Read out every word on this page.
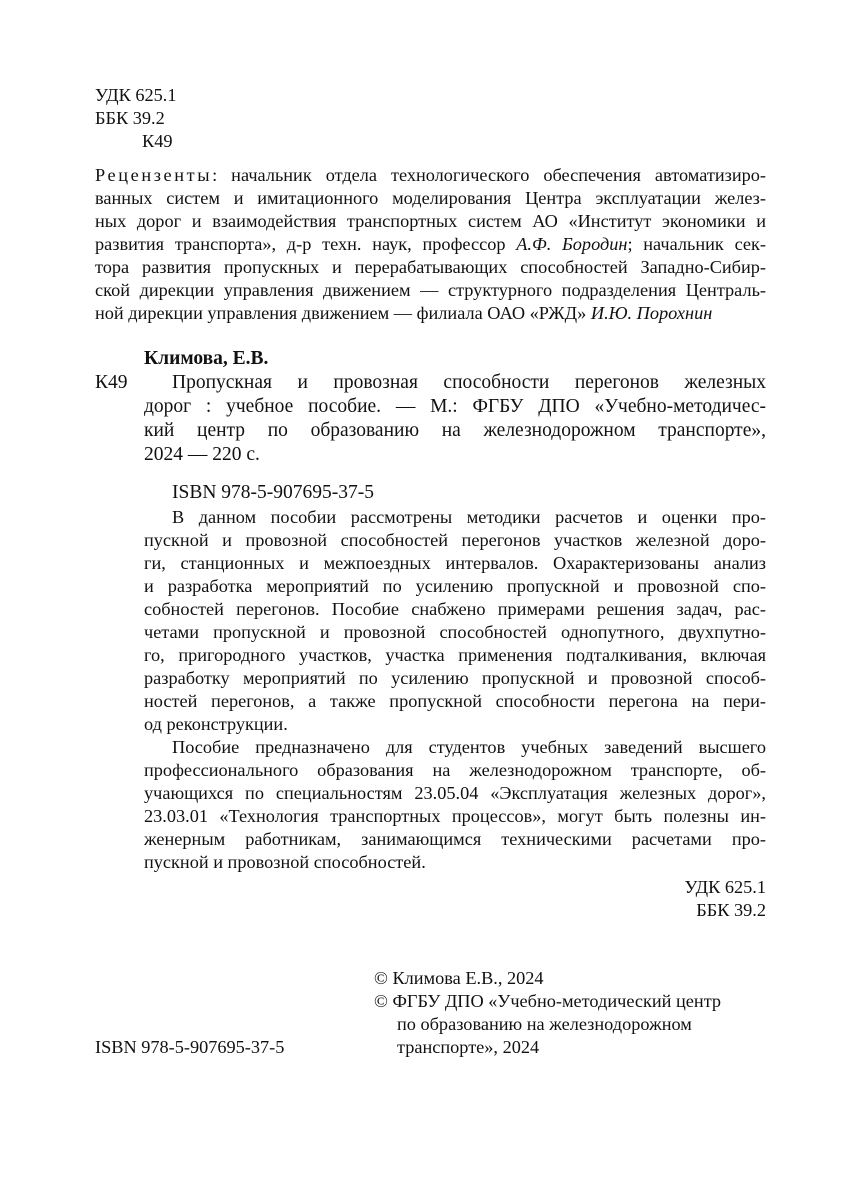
УДК 625.1
ББК 39.2
К49
Рецензенты: начальник отдела технологического обеспечения автоматизиро-
ванных систем и имитационного моделирования Центра эксплуатации желез-
ных дорог и взаимодействия транспортных систем АО «Институт экономики и
развития транспорта», д-р техн. наук, профессор А.Ф. Бородин; начальник сек-
тора развития пропускных и перерабатывающих способностей Западно-Сибир-
ской дирекции управления движением — структурного подразделения Централь-
ной дирекции управления движением — филиала ОАО «РЖД» И.Ю. Порохнин
Климова, Е.В.
К49 Пропускная и провозная способности перегонов железных
дорог : учебное пособие. — М.: ФГБУ ДПО «Учебно-методичес-
кий центр по образованию на железнодорожном транспорте»,
2024 — 220 с.
ISBN 978-5-907695-37-5
В данном пособии рассмотрены методики расчетов и оценки про-
пускной и провозной способностей перегонов участков железной доро-
ги, станционных и межпоездных интервалов. Охарактеризованы анализ
и разработка мероприятий по усилению пропускной и провозной спо-
собностей перегонов. Пособие снабжено примерами решения задач, рас-
четами пропускной и провозной способностей однопутного, двухпутно-
го, пригородного участков, участка применения подталкивания, включая
разработку мероприятий по усилению пропускной и провозной способ-
ностей перегонов, а также пропускной способности перегона на пери-
од реконструкции.
Пособие предназначено для студентов учебных заведений высшего
профессионального образования на железнодорожном транспорте, об-
учающихся по специальностям 23.05.04 «Эксплуатация железных дорог»,
23.03.01 «Технология транспортных процессов», могут быть полезны ин-
женерным работникам, занимающимся техническими расчетами про-
пускной и провозной способностей.
УДК 625.1
ББК 39.2
© Климова Е.В., 2024
© ФГБУ ДПО «Учебно-методический центр
по образованию на железнодорожном
транспорте», 2024
ISBN 978-5-907695-37-5
